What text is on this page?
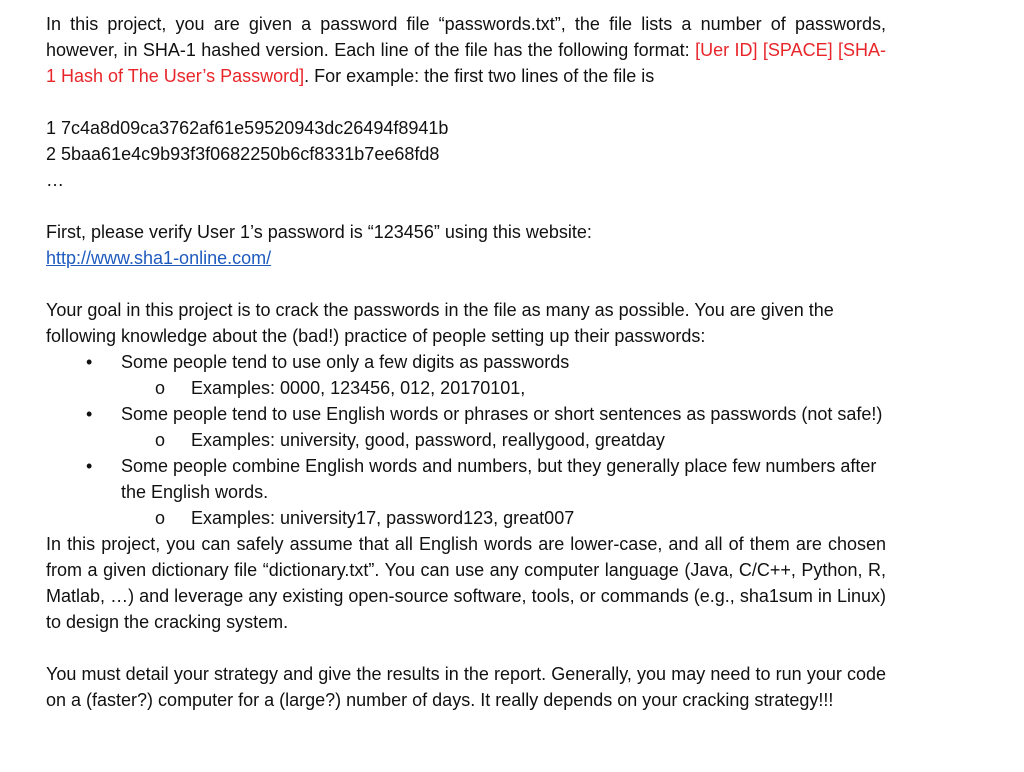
In this project, you are given a password file “passwords.txt”, the file lists a number of passwords, however, in SHA-1 hashed version. Each line of the file has the following format: [Uer ID] [SPACE] [SHA-1 Hash of The User’s Password]. For example: the first two lines of the file is

1 7c4a8d09ca3762af61e59520943dc26494f8941b
2 5baa61e4c9b93f3f0682250b6cf8331b7ee68fd8
…

First, please verify User 1’s password is “123456” using this website:

http://www.sha1-online.com/

Your goal in this project is to crack the passwords in the file as many as possible. You are given the following knowledge about the (bad!) practice of people setting up their passwords:

•	Some people tend to use only a few digits as passwords
o	Examples: 0000, 123456, 012, 20170101,
•	Some people tend to use English words or phrases or short sentences as passwords (not safe!)
o	Examples: university, good, password, reallygood, greatday
•	Some people combine English words and numbers, but they generally place few numbers after the English words.
o	Examples: university17, password123, great007

In this project, you can safely assume that all English words are lower-case, and all of them are chosen from a given dictionary file “dictionary.txt”. You can use any computer language (Java, C/C++, Python, R, Matlab, …) and leverage any existing open-source software, tools, or commands (e.g., sha1sum in Linux) to design the cracking system.

You must detail your strategy and give the results in the report. Generally, you may need to run your code on a (faster?) computer for a (large?) number of days. It really depends on your cracking strategy!!!
